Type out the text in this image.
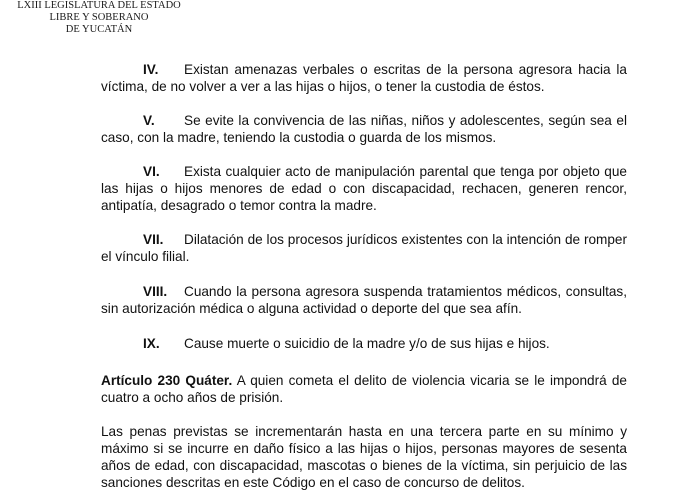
LXIII LEGISLATURA DEL ESTADO
LIBRE Y SOBERANO
DE YUCATÁN
IV. Existan amenazas verbales o escritas de la persona agresora hacia la víctima, de no volver a ver a las hijas o hijos, o tener la custodia de éstos.
V. Se evite la convivencia de las niñas, niños y adolescentes, según sea el caso, con la madre, teniendo la custodia o guarda de los mismos.
VI. Exista cualquier acto de manipulación parental que tenga por objeto que las hijas o hijos menores de edad o con discapacidad, rechacen, generen rencor, antipatía, desagrado o temor contra la madre.
VII. Dilatación de los procesos jurídicos existentes con la intención de romper el vínculo filial.
VIII. Cuando la persona agresora suspenda tratamientos médicos, consultas, sin autorización médica o alguna actividad o deporte del que sea afín.
IX. Cause muerte o suicidio de la madre y/o de sus hijas e hijos.
Artículo 230 Quáter. A quien cometa el delito de violencia vicaria se le impondrá de cuatro a ocho años de prisión.
Las penas previstas se incrementarán hasta en una tercera parte en su mínimo y máximo si se incurre en daño físico a las hijas o hijos, personas mayores de sesenta años de edad, con discapacidad, mascotas o bienes de la víctima, sin perjuicio de las sanciones descritas en este Código en el caso de concurso de delitos.
